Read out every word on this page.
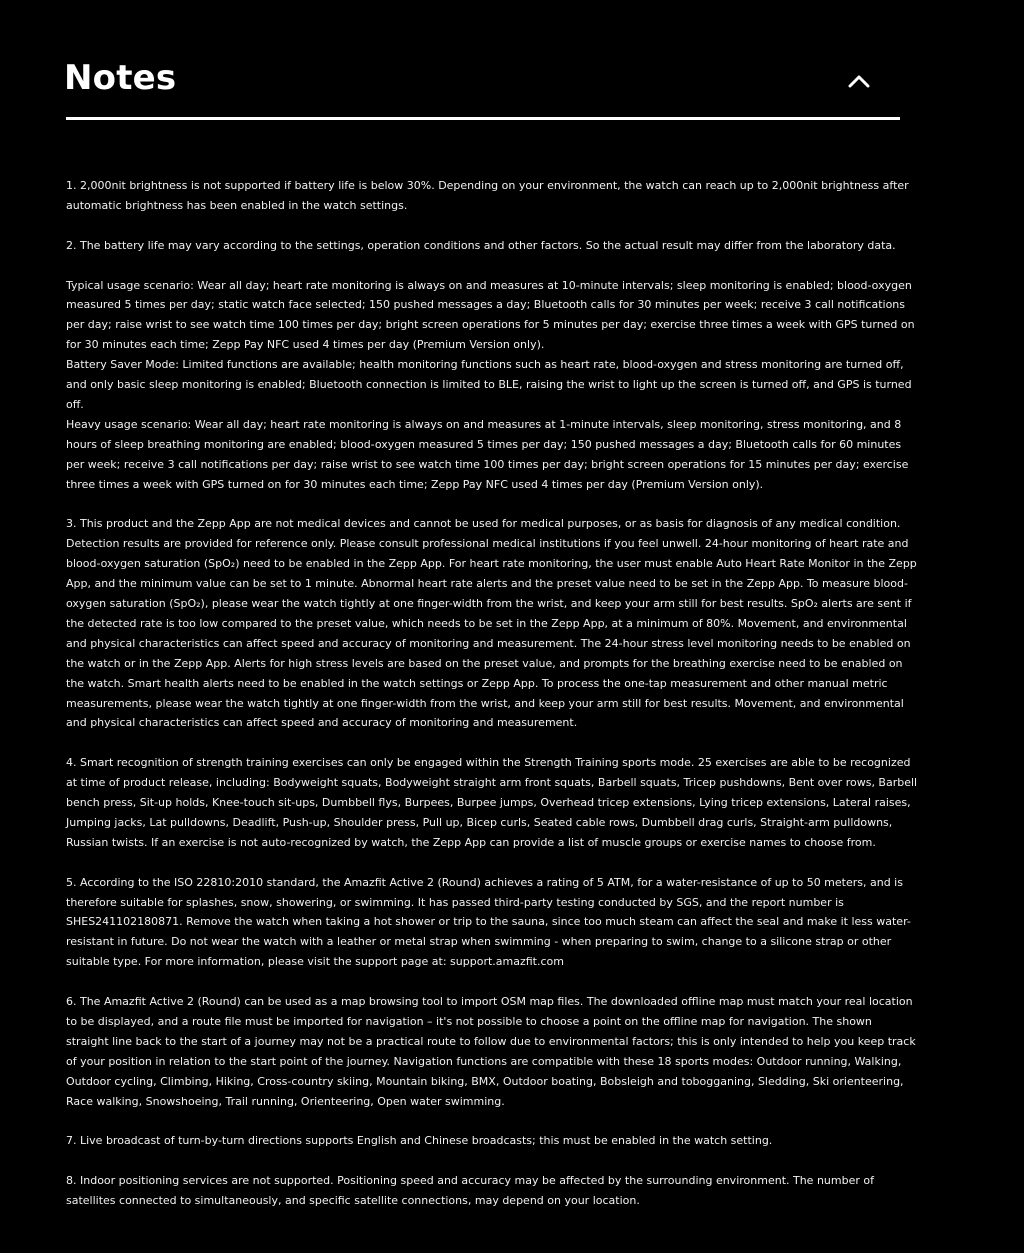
Notes

1. 2,000nit brightness is not supported if battery life is below 30%. Depending on your environment, the watch can reach up to 2,000nit brightness after automatic brightness has been enabled in the watch settings.

2. The battery life may vary according to the settings, operation conditions and other factors. So the actual result may differ from the laboratory data.

Typical usage scenario: Wear all day; heart rate monitoring is always on and measures at 10-minute intervals; sleep monitoring is enabled; blood-oxygen measured 5 times per day; static watch face selected; 150 pushed messages a day; Bluetooth calls for 30 minutes per week; receive 3 call notifications per day; raise wrist to see watch time 100 times per day; bright screen operations for 5 minutes per day; exercise three times a week with GPS turned on for 30 minutes each time; Zepp Pay NFC used 4 times per day (Premium Version only).

Battery Saver Mode: Limited functions are available; health monitoring functions such as heart rate, blood-oxygen and stress monitoring are turned off, and only basic sleep monitoring is enabled; Bluetooth connection is limited to BLE, raising the wrist to light up the screen is turned off, and GPS is turned off.

Heavy usage scenario: Wear all day; heart rate monitoring is always on and measures at 1-minute intervals, sleep monitoring, stress monitoring, and 8 hours of sleep breathing monitoring are enabled; blood-oxygen measured 5 times per day; 150 pushed messages a day; Bluetooth calls for 60 minutes per week; receive 3 call notifications per day; raise wrist to see watch time 100 times per day; bright screen operations for 15 minutes per day; exercise three times a week with GPS turned on for 30 minutes each time; Zepp Pay NFC used 4 times per day (Premium Version only).

3. This product and the Zepp App are not medical devices and cannot be used for medical purposes, or as basis for diagnosis of any medical condition. Detection results are provided for reference only. Please consult professional medical institutions if you feel unwell. 24-hour monitoring of heart rate and blood-oxygen saturation (SpO₂) need to be enabled in the Zepp App. For heart rate monitoring, the user must enable Auto Heart Rate Monitor in the Zepp App, and the minimum value can be set to 1 minute. Abnormal heart rate alerts and the preset value need to be set in the Zepp App. To measure blood-oxygen saturation (SpO₂), please wear the watch tightly at one finger-width from the wrist, and keep your arm still for best results. SpO₂ alerts are sent if the detected rate is too low compared to the preset value, which needs to be set in the Zepp App, at a minimum of 80%. Movement, and environmental and physical characteristics can affect speed and accuracy of monitoring and measurement. The 24-hour stress level monitoring needs to be enabled on the watch or in the Zepp App. Alerts for high stress levels are based on the preset value, and prompts for the breathing exercise need to be enabled on the watch. Smart health alerts need to be enabled in the watch settings or Zepp App. To process the one-tap measurement and other manual metric measurements, please wear the watch tightly at one finger-width from the wrist, and keep your arm still for best results. Movement, and environmental and physical characteristics can affect speed and accuracy of monitoring and measurement.

4. Smart recognition of strength training exercises can only be engaged within the Strength Training sports mode. 25 exercises are able to be recognized at time of product release, including: Bodyweight squats, Bodyweight straight arm front squats, Barbell squats, Tricep pushdowns, Bent over rows, Barbell bench press, Sit-up holds, Knee-touch sit-ups, Dumbbell flys, Burpees, Burpee jumps, Overhead tricep extensions, Lying tricep extensions, Lateral raises, Jumping jacks, Lat pulldowns, Deadlift, Push-up, Shoulder press, Pull up, Bicep curls, Seated cable rows, Dumbbell drag curls, Straight-arm pulldowns, Russian twists. If an exercise is not auto-recognized by watch, the Zepp App can provide a list of muscle groups or exercise names to choose from.

5. According to the ISO 22810:2010 standard, the Amazfit Active 2 (Round) achieves a rating of 5 ATM, for a water-resistance of up to 50 meters, and is therefore suitable for splashes, snow, showering, or swimming. It has passed third-party testing conducted by SGS, and the report number is SHES241102180871. Remove the watch when taking a hot shower or trip to the sauna, since too much steam can affect the seal and make it less water-resistant in future. Do not wear the watch with a leather or metal strap when swimming - when preparing to swim, change to a silicone strap or other suitable type. For more information, please visit the support page at: support.amazfit.com

6. The Amazfit Active 2 (Round) can be used as a map browsing tool to import OSM map files. The downloaded offline map must match your real location to be displayed, and a route file must be imported for navigation – it's not possible to choose a point on the offline map for navigation. The shown straight line back to the start of a journey may not be a practical route to follow due to environmental factors; this is only intended to help you keep track of your position in relation to the start point of the journey. Navigation functions are compatible with these 18 sports modes: Outdoor running, Walking, Outdoor cycling, Climbing, Hiking, Cross-country skiing, Mountain biking, BMX, Outdoor boating, Bobsleigh and tobogganing, Sledding, Ski orienteering, Race walking, Snowshoeing, Trail running, Orienteering, Open water swimming.

7. Live broadcast of turn-by-turn directions supports English and Chinese broadcasts; this must be enabled in the watch setting.

8. Indoor positioning services are not supported. Positioning speed and accuracy may be affected by the surrounding environment. The number of satellites connected to simultaneously, and specific satellite connections, may depend on your location.
